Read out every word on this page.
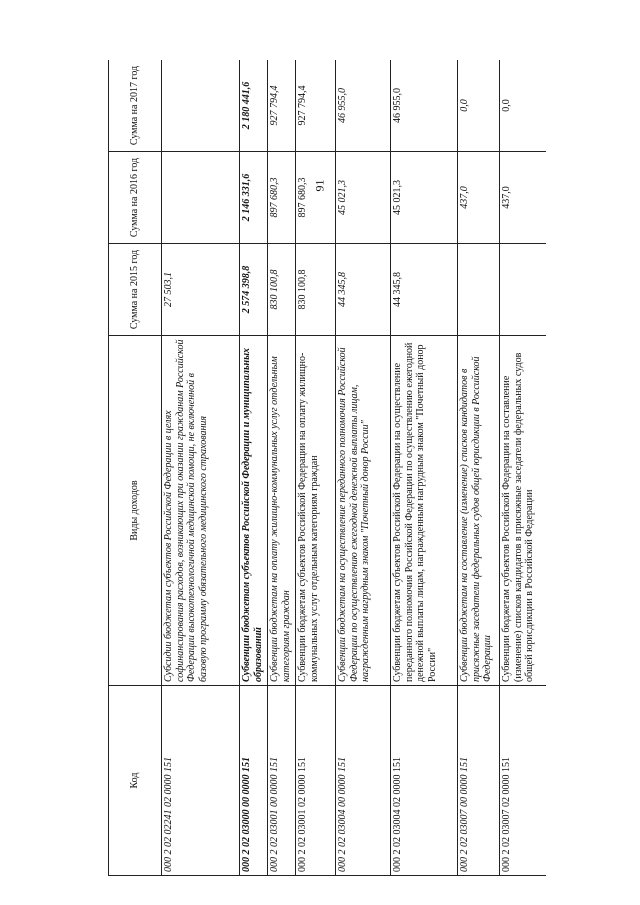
91
Код	Виды доходов	Сумма на 2015 год	Сумма на 2016 год	Сумма на 2017 год
000 2 02 02241 02 0000 151	Субсидии бюджетам субъектов Российской Федерации в целях софинансирования расходов, возникающих при оказании гражданам Российской Федерации высокотехнологичной медицинской помощи, не включенной в базовую программу обязательного медицинского страхования	27 503,1		
000 2 02 03000 00 0000 151	Субвенции бюджетам субъектов Российской Федерации и муниципальных образований	2 574 398,8	2 146 331,6	2 180 441,6
000 2 02 03001 00 0000 151	Субвенции бюджетам на оплату жилищно-коммунальных услуг отдельным категориям граждан	830 100,8	897 680,3	927 794,4
000 2 02 03001 02 0000 151	Субвенции бюджетам субъектов Российской Федерации на оплату жилищно-коммунальных услуг отдельным категориям граждан	830 100,8	897 680,3	927 794,4
000 2 02 03004 00 0000 151	Субвенции бюджетам на осуществление переданного полномочия Российской Федерации по осуществлению ежегодной денежной выплаты лицам, награжденным нагрудным знаком "Почетный донор России"	44 345,8	45 021,3	46 955,0
000 2 02 03004 02 0000 151	Субвенции бюджетам субъектов Российской Федерации на осуществление переданного полномочия Российской Федерации по осуществлению ежегодной денежной выплаты лицам, награжденным нагрудным знаком "Почетный донор России"	44 345,8	45 021,3	46 955,0
000 2 02 03007 00 0000 151	Субвенции бюджетам на составление (изменение) списков кандидатов в присяжные заседатели федеральных судов общей юрисдикции в Российской Федерации		437,0	0,0
000 2 02 03007 02 0000 151	Субвенции бюджетам субъектов Российской Федерации на составление (изменение) списков кандидатов в присяжные заседатели федеральных судов общей юрисдикции в Российской Федерации		437,0	0,0
